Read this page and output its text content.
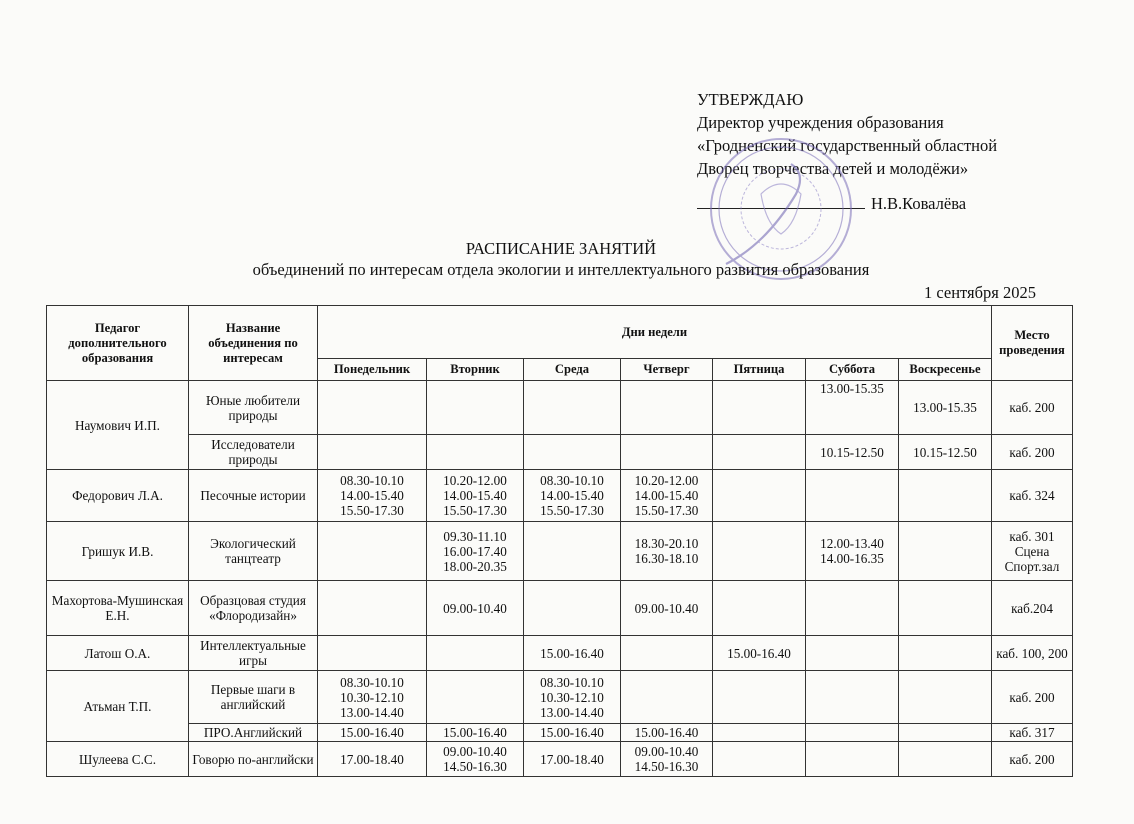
УТВЕРЖДАЮ
Директор учреждения образования
«Гродненский государственный областной
Дворец творчества детей и молодёжи»
Н.В.Ковалёва
РАСПИСАНИЕ ЗАНЯТИЙ
объединений по интересам отдела экологии и интеллектуального развития образования
1 сентября 2025
Педагог дополнительного образования	Название объединения по интересам	Дни недели							Место проведения
		Понедельник	Вторник	Среда	Четверг	Пятница	Суббота	Воскресенье	
Наумович И.П.	Юные любители природы						13.00-15.35	13.00-15.35	каб. 200
	Исследователи природы						10.15-12.50	10.15-12.50	каб. 200
Федорович Л.А.	Песочные истории	08.30-10.10
14.00-15.40
15.50-17.30	10.20-12.00
14.00-15.40
15.50-17.30	08.30-10.10
14.00-15.40
15.50-17.30	10.20-12.00
14.00-15.40
15.50-17.30				каб. 324
Гришук И.В.	Экологический танцтеатр		09.30-11.10
16.00-17.40
18.00-20.35		18.30-20.10
16.30-18.10		12.00-13.40
14.00-16.35		каб. 301
Сцена
Спорт.зал
Махортова-Мушинская Е.Н.	Образцовая студия «Флородизайн»		09.00-10.40		09.00-10.40				каб.204
Латош О.А.	Интеллектуальные игры			15.00-16.40		15.00-16.40			каб. 100, 200
Атьман Т.П.	Первые шаги в английский	08.30-10.10
10.30-12.10
13.00-14.40		08.30-10.10
10.30-12.10
13.00-14.40					каб. 200
	ПРО.Английский	15.00-16.40	15.00-16.40	15.00-16.40	15.00-16.40				каб. 317
Шулеева С.С.	Говорю по-английски	17.00-18.40	09.00-10.40
14.50-16.30	17.00-18.40	09.00-10.40
14.50-16.30				каб. 200
